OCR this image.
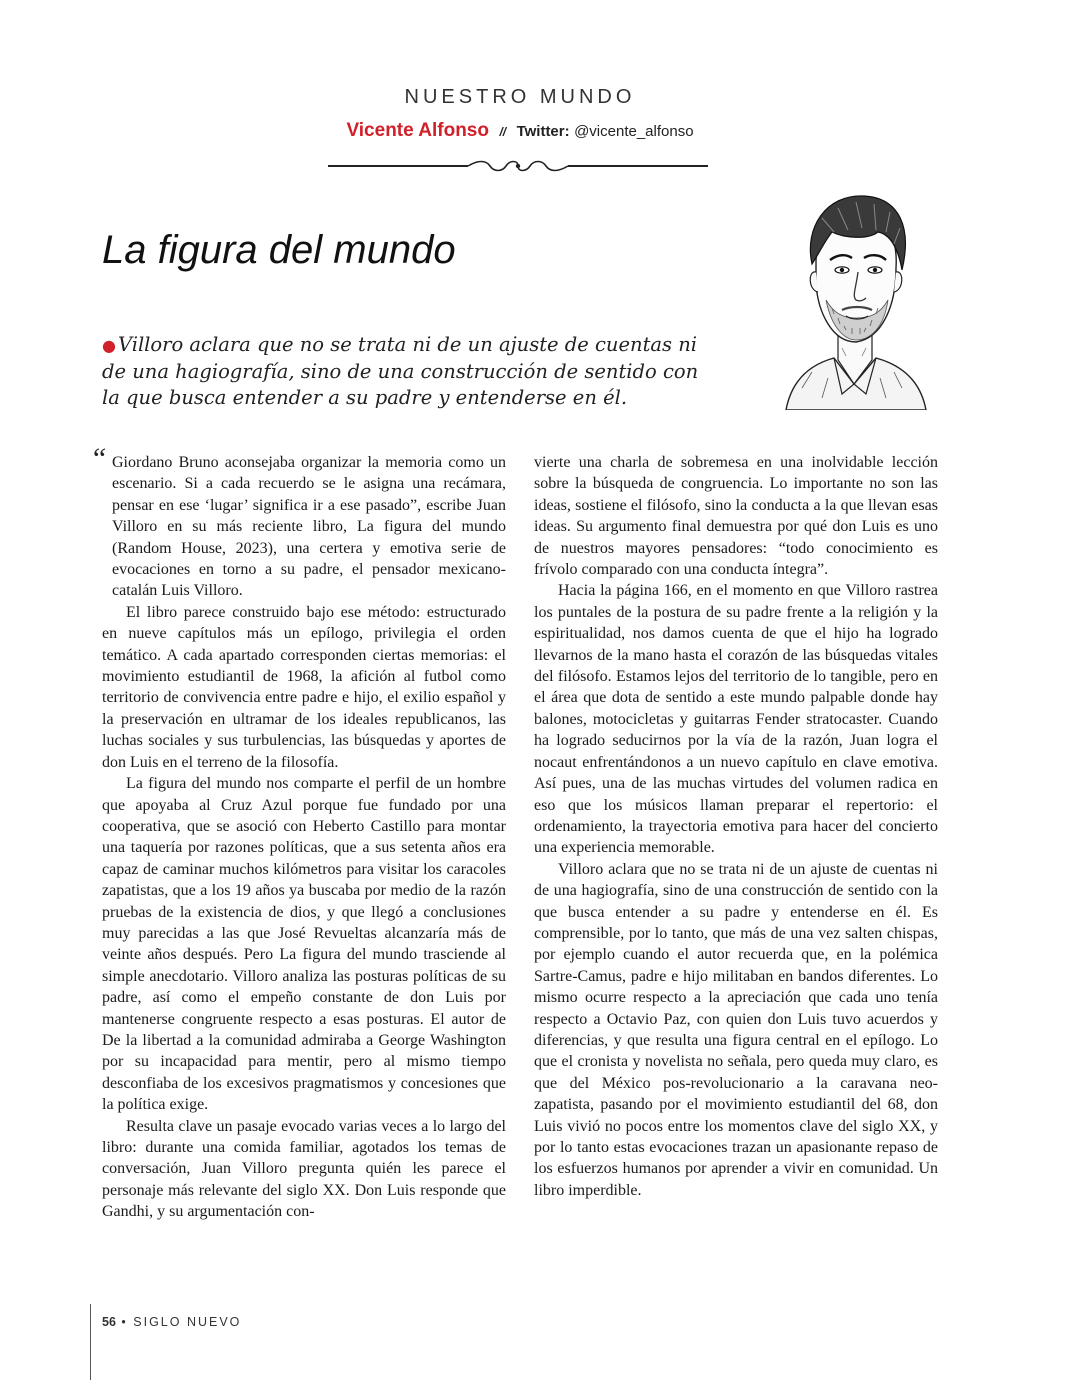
NUESTRO MUNDO
Vicente Alfonso // Twitter: @vicente_alfonso
La figura del mundo
● Villoro aclara que no se trata ni de un ajuste de cuentas ni de una hagiografía, sino de una construcción de sentido con la que busca entender a su padre y entenderse en él.
“ Giordano Bruno aconsejaba organizar la memoria como un escenario. Si a cada recuerdo se le asigna una recámara, pensar en ese ‘lugar’ significa ir a ese pasado”, escribe Juan Villoro en su más reciente libro, La figura del mundo (Random House, 2023), una certera y emotiva serie de evocaciones en torno a su padre, el pensador mexicano-catalán Luis Villoro.

El libro parece construido bajo ese método: estructurado en nueve capítulos más un epílogo, privilegia el orden temático. A cada apartado corresponden ciertas memorias: el movimiento estudiantil de 1968, la afición al futbol como territorio de convivencia entre padre e hijo, el exilio español y la preservación en ultramar de los ideales republicanos, las luchas sociales y sus turbulencias, las búsquedas y aportes de don Luis en el terreno de la filosofía.

La figura del mundo nos comparte el perfil de un hombre que apoyaba al Cruz Azul porque fue fundado por una cooperativa, que se asoció con Heberto Castillo para montar una taquería por razones políticas, que a sus setenta años era capaz de caminar muchos kilómetros para visitar los caracoles zapatistas, que a los 19 años ya buscaba por medio de la razón pruebas de la existencia de dios, y que llegó a conclusiones muy parecidas a las que José Revueltas alcanzaría más de veinte años después. Pero La figura del mundo trasciende al simple anecdotario. Villoro analiza las posturas políticas de su padre, así como el empeño constante de don Luis por mantenerse congruente respecto a esas posturas. El autor de De la libertad a la comunidad admiraba a George Washington por su incapacidad para mentir, pero al mismo tiempo desconfiaba de los excesivos pragmatismos y concesiones que la política exige.

Resulta clave un pasaje evocado varias veces a lo largo del libro: durante una comida familiar, agotados los temas de conversación, Juan Villoro pregunta quién les parece el personaje más relevante del siglo XX. Don Luis responde que Gandhi, y su argumentación con-

vierte una charla de sobremesa en una inolvidable lección sobre la búsqueda de congruencia. Lo importante no son las ideas, sostiene el filósofo, sino la conducta a la que llevan esas ideas. Su argumento final demuestra por qué don Luis es uno de nuestros mayores pensadores: “todo conocimiento es frívolo comparado con una conducta íntegra”.

Hacia la página 166, en el momento en que Villoro rastrea los puntales de la postura de su padre frente a la religión y la espiritualidad, nos damos cuenta de que el hijo ha logrado llevarnos de la mano hasta el corazón de las búsquedas vitales del filósofo. Estamos lejos del territorio de lo tangible, pero en el área que dota de sentido a este mundo palpable donde hay balones, motocicletas y guitarras Fender stratocaster. Cuando ha logrado seducirnos por la vía de la razón, Juan logra el nocaut enfrentándonos a un nuevo capítulo en clave emotiva. Así pues, una de las muchas virtudes del volumen radica en eso que los músicos llaman preparar el repertorio: el ordenamiento, la trayectoria emotiva para hacer del concierto una experiencia memorable.

Villoro aclara que no se trata ni de un ajuste de cuentas ni de una hagiografía, sino de una construcción de sentido con la que busca entender a su padre y entenderse en él. Es comprensible, por lo tanto, que más de una vez salten chispas, por ejemplo cuando el autor recuerda que, en la polémica Sartre-Camus, padre e hijo militaban en bandos diferentes. Lo mismo ocurre respecto a la apreciación que cada uno tenía respecto a Octavio Paz, con quien don Luis tuvo acuerdos y diferencias, y que resulta una figura central en el epílogo. Lo que el cronista y novelista no señala, pero queda muy claro, es que del México pos-revolucionario a la caravana neo-zapatista, pasando por el movimiento estudiantil del 68, don Luis vivió no pocos entre los momentos clave del siglo XX, y por lo tanto estas evocaciones trazan un apasionante repaso de los esfuerzos humanos por aprender a vivir en comunidad. Un libro imperdible.

56 • SIGLO NUEVO
